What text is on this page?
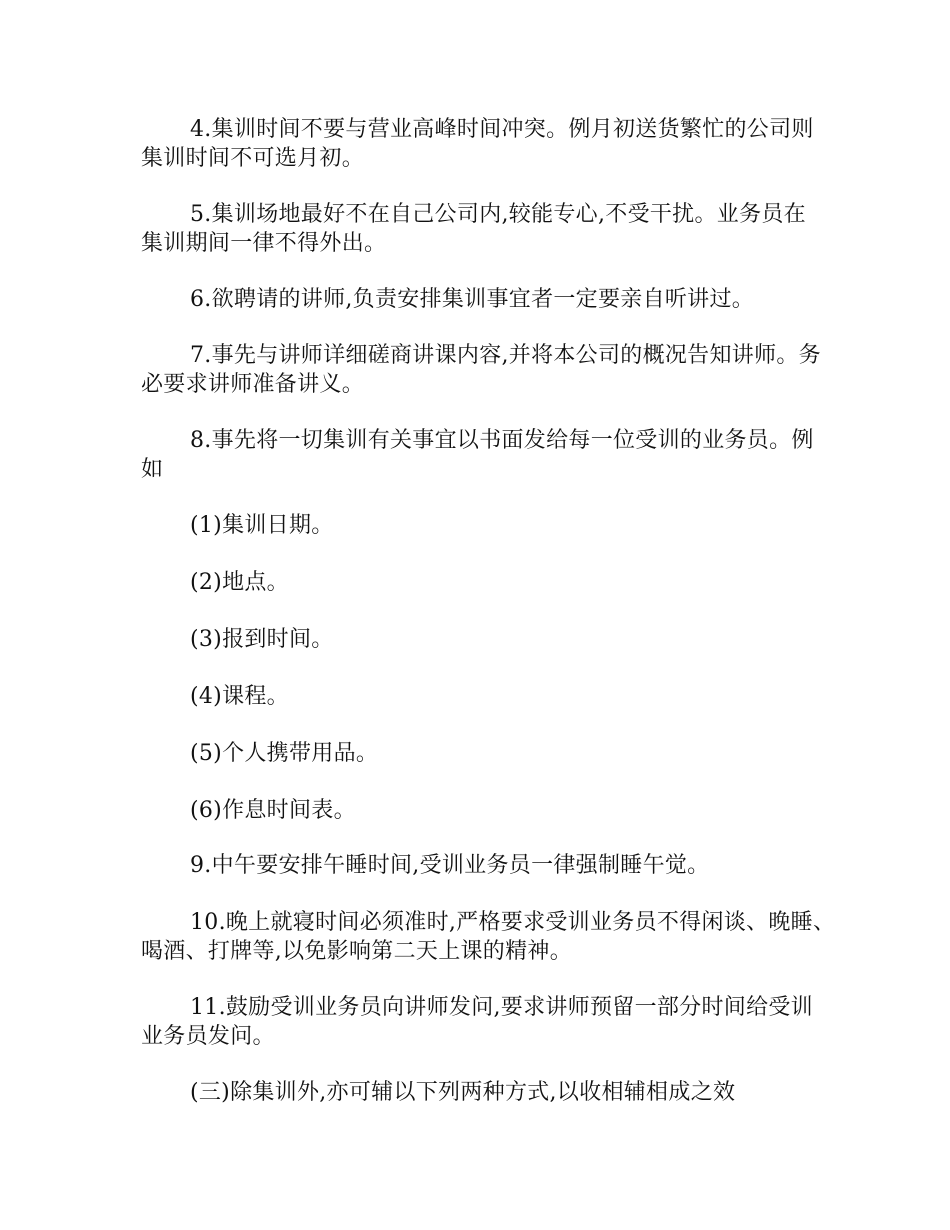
4.集训时间不要与营业高峰时间冲突。例月初送货繁忙的公司则集训时间不可选月初。

5.集训场地最好不在自己公司内,较能专心,不受干扰。业务员在集训期间一律不得外出。

6.欲聘请的讲师,负责安排集训事宜者一定要亲自听讲过。

7.事先与讲师详细磋商讲课内容,并将本公司的概况告知讲师。务必要求讲师准备讲义。

8.事先将一切集训有关事宜以书面发给每一位受训的业务员。例如

(1)集训日期。

(2)地点。

(3)报到时间。

(4)课程。

(5)个人携带用品。

(6)作息时间表。

9.中午要安排午睡时间,受训业务员一律强制睡午觉。

10.晚上就寝时间必须准时,严格要求受训业务员不得闲谈、晚睡、喝酒、打牌等,以免影响第二天上课的精神。

11.鼓励受训业务员向讲师发问,要求讲师预留一部分时间给受训业务员发问。

(三)除集训外,亦可辅以下列两种方式,以收相辅相成之效
